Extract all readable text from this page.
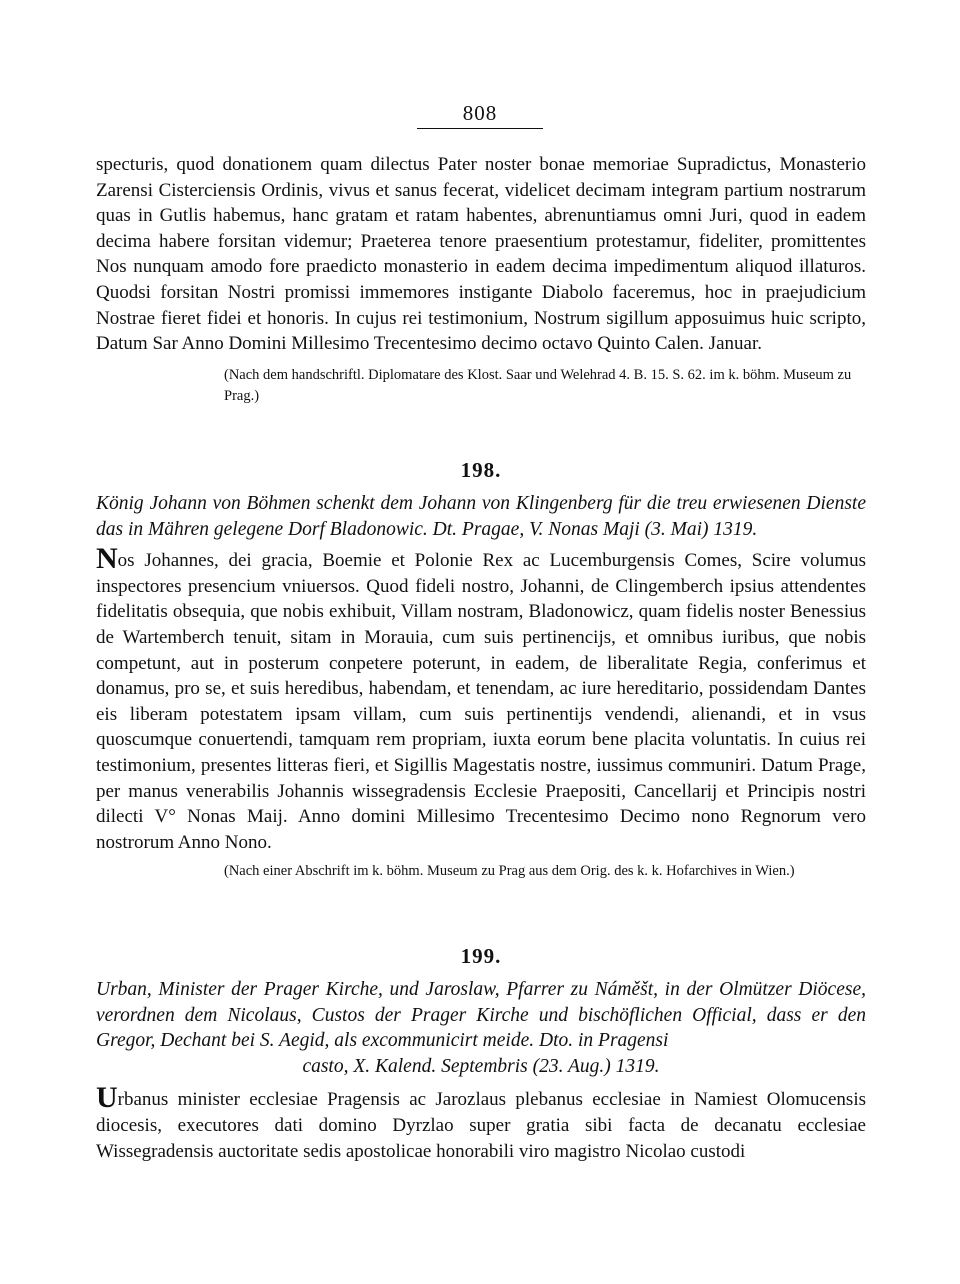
808

specturis, quod donationem quam dilectus Pater noster bonae memoriae Supradictus, Monasterio Zarensi Cisterciensis Ordinis, vivus et sanus fecerat, videlicet decimam integram partium nostrarum quas in Gutlis habemus, hanc gratam et ratam habentes, abrenuntiamus omni Juri, quod in eadem decima habere forsitan videmur; Praeterea tenore praesentium protestamur, fideliter, promittentes Nos nunquam amodo fore praedicto monasterio in eadem decima impedimentum aliquod illaturos. Quodsi forsitan Nostri promissi immemores instigante Diabolo faceremus, hoc in praejudicium Nostrae fieret fidei et honoris. In cujus rei testimonium, Nostrum sigillum apposuimus huic scripto, Datum Sar Anno Domini Millesimo Trecentesimo decimo octavo Quinto Calen. Januar.

(Nach dem handschriftl. Diplomatare des Klost. Saar und Welehrad 4. B. 15. S. 62. im k. böhm. Museum zu Prag.)

198.

König Johann von Böhmen schenkt dem Johann von Klingenberg für die treu erwiesenen Dienste das in Mähren gelegene Dorf Bladonowic. Dt. Pragae, V. Nonas Maji (3. Mai) 1319.

Nos Johannes, dei gracia, Boemie et Polonie Rex ac Lucemburgensis Comes, Scire volumus inspectores presencium vniuersos. Quod fideli nostro, Johanni, de Clingemberch ipsius attendentes fidelitatis obsequia, que nobis exhibuit, Villam nostram, Bladonowicz, quam fidelis noster Benessius de Wartemberch tenuit, sitam in Morauia, cum suis pertinencijs, et omnibus iuribus, que nobis competunt, aut in posterum conpetere poterunt, in eadem, de liberalitate Regia, conferimus et donamus, pro se, et suis heredibus, habendam, et tenendam, ac iure hereditario, possidendam Dantes eis liberam potestatem ipsam villam, cum suis pertinentijs vendendi, alienandi, et in vsus quoscumque conuertendi, tamquam rem propriam, iuxta eorum bene placita voluntatis. In cuius rei testimonium, presentes litteras fieri, et Sigillis Magestatis nostre, iussimus communiri. Datum Prage, per manus venerabilis Johannis wissegradensis Ecclesie Praepositi, Cancellarij et Principis nostri dilecti V° Nonas Maij. Anno domini Millesimo Trecentesimo Decimo nono Regnorum vero nostrorum Anno Nono.

(Nach einer Abschrift im k. böhm. Museum zu Prag aus dem Orig. des k. k. Hofarchives in Wien.)

199.

Urban, Minister der Prager Kirche, und Jaroslaw, Pfarrer zu Náměšt, in der Olmützer Diöcese, verordnen dem Nicolaus, Custos der Prager Kirche und bischöflichen Official, dass er den Gregor, Dechant bei S. Aegid, als excommunicirt meide. Dto. in Pragensi

casto, X. Kalend. Septembris (23. Aug.) 1319.

Urbanus minister ecclesiae Pragensis ac Jarozlaus plebanus ecclesiae in Namiest Olomucensis diocesis, executores dati domino Dyrzlao super gratia sibi facta de decanatu ecclesiae Wissegradensis auctoritate sedis apostolicae honorabili viro magistro Nicolao custodi
